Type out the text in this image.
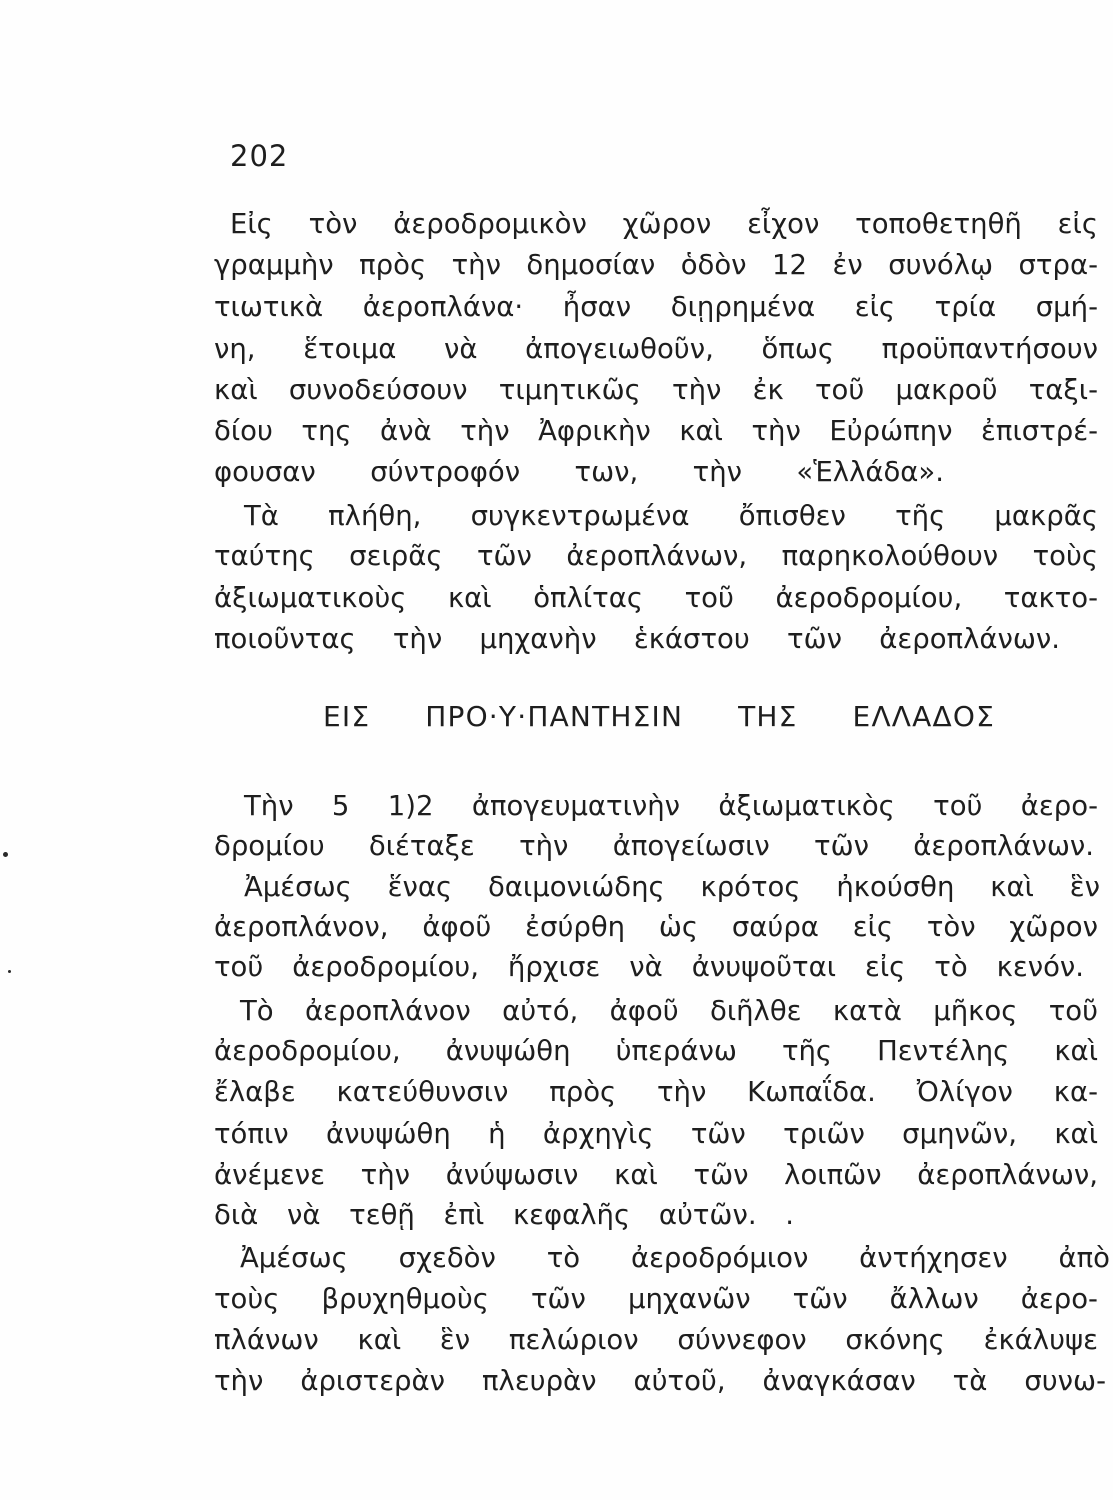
202
Εἰς τὸν ἀεροδρομικὸν χῶρον εἶχον τοποθετηθῆ εἰς
γραμμὴν πρὸς τὴν δημοσίαν ὁδὸν 12 ἐν συνόλῳ στρα-
τιωτικὰ ἀεροπλάνα· ἦσαν διῃρημένα εἰς τρία σμή-
νη, ἕτοιμα νὰ ἀπογειωθοῦν, ὅπως προϋπαντήσουν
καὶ συνοδεύσουν τιμητικῶς τὴν ἐκ τοῦ μακροῦ ταξι-
δίου της ἀνὰ τὴν Ἀφρικὴν καὶ τὴν Εὐρώπην ἐπιστρέ-
φουσαν σύντροφόν των, τὴν «Ἑλλάδα».
Τὰ πλήθη, συγκεντρωμένα ὄπισθεν τῆς μακρᾶς
ταύτης σειρᾶς τῶν ἀεροπλάνων, παρηκολούθουν τοὺς
ἀξιωματικοὺς καὶ ὁπλίτας τοῦ ἀεροδρομίου, τακτο-
ποιοῦντας τὴν μηχανὴν ἑκάστου τῶν ἀεροπλάνων.
ΕΙΣ ΠΡΟ·Υ·ΠΑΝΤΗΣΙΝ ΤΗΣ ΕΛΛΑΔΟΣ
Τὴν 5 1)2 ἀπογευματινὴν ἀξιωματικὸς τοῦ ἀερο-
δρομίου διέταξε τὴν ἀπογείωσιν τῶν ἀεροπλάνων.
Ἀμέσως ἕνας δαιμονιώδης κρότος ἠκούσθη καὶ ἓν
ἀεροπλάνον, ἀφοῦ ἐσύρθη ὡς σαύρα εἰς τὸν χῶρον
τοῦ ἀεροδρομίου, ἤρχισε νὰ ἀνυψοῦται εἰς τὸ κενόν.
Τὸ ἀεροπλάνον αὐτό, ἀφοῦ διῆλθε κατὰ μῆκος τοῦ
ἀεροδρομίου, ἀνυψώθη ὑπεράνω τῆς Πεντέλης καὶ
ἔλαβε κατεύθυνσιν πρὸς τὴν Κωπαΐδα. Ὀλίγον κα-
τόπιν ἀνυψώθη ἡ ἀρχηγὶς τῶν τριῶν σμηνῶν, καὶ
ἀνέμενε τὴν ἀνύψωσιν καὶ τῶν λοιπῶν ἀεροπλάνων,
διὰ νὰ τεθῇ ἐπὶ κεφαλῆς αὐτῶν. .
Ἀμέσως σχεδὸν τὸ ἀεροδρόμιον ἀντήχησεν ἀπὸ
τοὺς βρυχηθμοὺς τῶν μηχανῶν τῶν ἄλλων ἀερο-
πλάνων καὶ ἓν πελώριον σύννεφον σκόνης ἐκάλυψε
τὴν ἀριστερὰν πλευρὰν αὐτοῦ, ἀναγκάσαν τὰ συνω-
